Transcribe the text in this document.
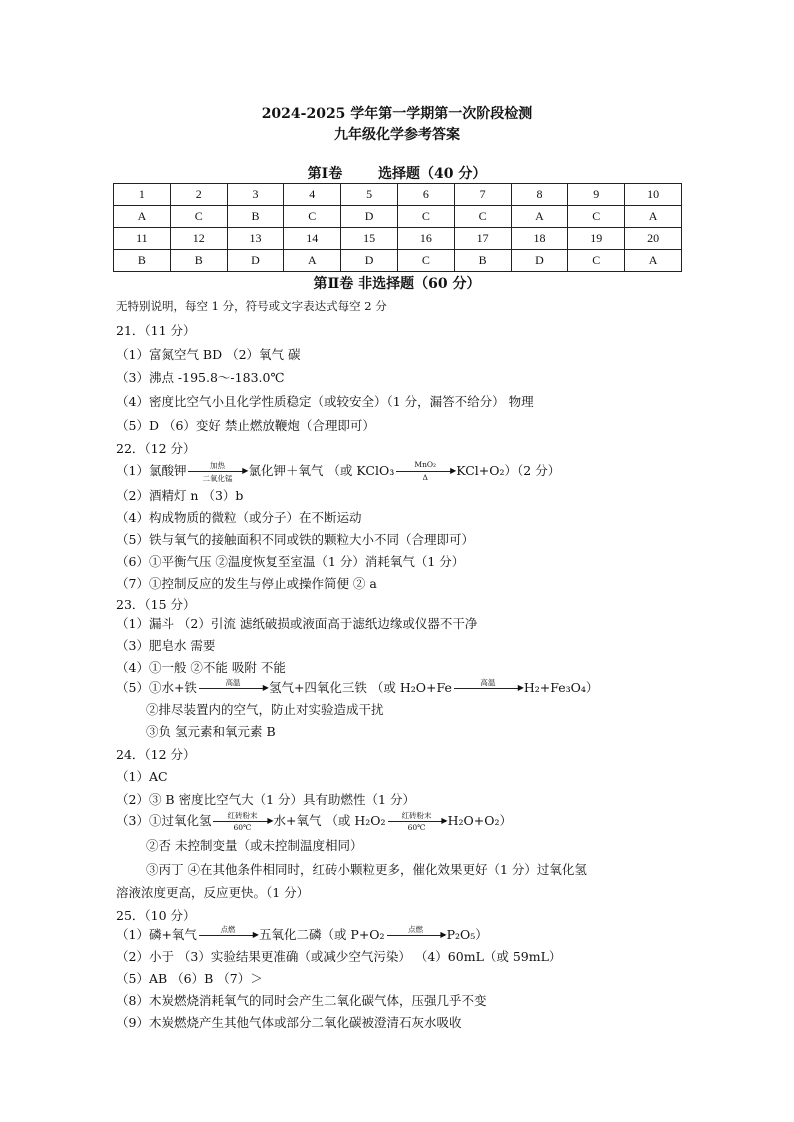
2024-2025 学年第一学期第一次阶段检测
九年级化学参考答案
第Ⅰ卷	选择题（40 分）
1	2	3	4	5	6	7	8	9	10
A	C	B	C	D	C	C	A	C	A
11	12	13	14	15	16	17	18	19	20
B	B	D	A	D	C	B	D	C	A
第Ⅱ卷 非选择题（60 分）
无特别说明，每空 1 分，符号或文字表达式每空 2 分
21．（11 分）
（1）富氮空气 BD （2）氧气 碳
（3）沸点 -195.8～-183.0℃
（4）密度比空气小且化学性质稳定（或较安全）（1 分，漏答不给分） 物理
（5）D （6）变好 禁止燃放鞭炮（合理即可）
22．（12 分）
（1）氯酸钾	加热
▶
二氧化锰	氯化钾＋氧气 （或 KClO₃	MnO₂
▶
Δ	KCl+O₂）（2 分）
（2）酒精灯 n （3）b
（4）构成物质的微粒（或分子）在不断运动
（5）铁与氧气的接触面积不同或铁的颗粒大小不同（合理即可）
（6）①平衡气压 ②温度恢复至室温（1 分）消耗氧气（1 分）
（7）①控制反应的发生与停止或操作简便 ② a
23．（15 分）
（1）漏斗 （2）引流 滤纸破损或液面高于滤纸边缘或仪器不干净
（3）肥皂水 需要
（4）①一般 ②不能 吸附 不能
（5）①水+铁	高温
▶ 氢气+四氧化三铁 （或 H₂O+Fe	高温
▶ H₂+Fe₃O₄）
②排尽装置内的空气，防止对实验造成干扰
③负 氢元素和氧元素 B
24．（12 分）
（1）AC
（2）③ B 密度比空气大（1 分）具有助燃性（1 分）
（3）①过氧化氢	红砖粉末
▶
60℃	水+氧气 （或 H₂O₂	红砖粉末
▶
60℃	H₂O+O₂）
②否 未控制变量（或未控制温度相同）
③丙丁 ④在其他条件相同时，红砖小颗粒更多，催化效果更好（1 分）过氧化氢
溶液浓度更高，反应更快。（1 分）
25．（10 分）
（1）磷+氧气	点燃
▶ 五氧化二磷（或 P+O₂	点燃
▶ P₂O₅）
（2）小于 （3）实验结果更准确（或减少空气污染） （4）60mL（或 59mL）
（5）AB （6）B （7）＞
（8）木炭燃烧消耗氧气的同时会产生二氧化碳气体，压强几乎不变
（9）木炭燃烧产生其他气体或部分二氧化碳被澄清石灰水吸收
